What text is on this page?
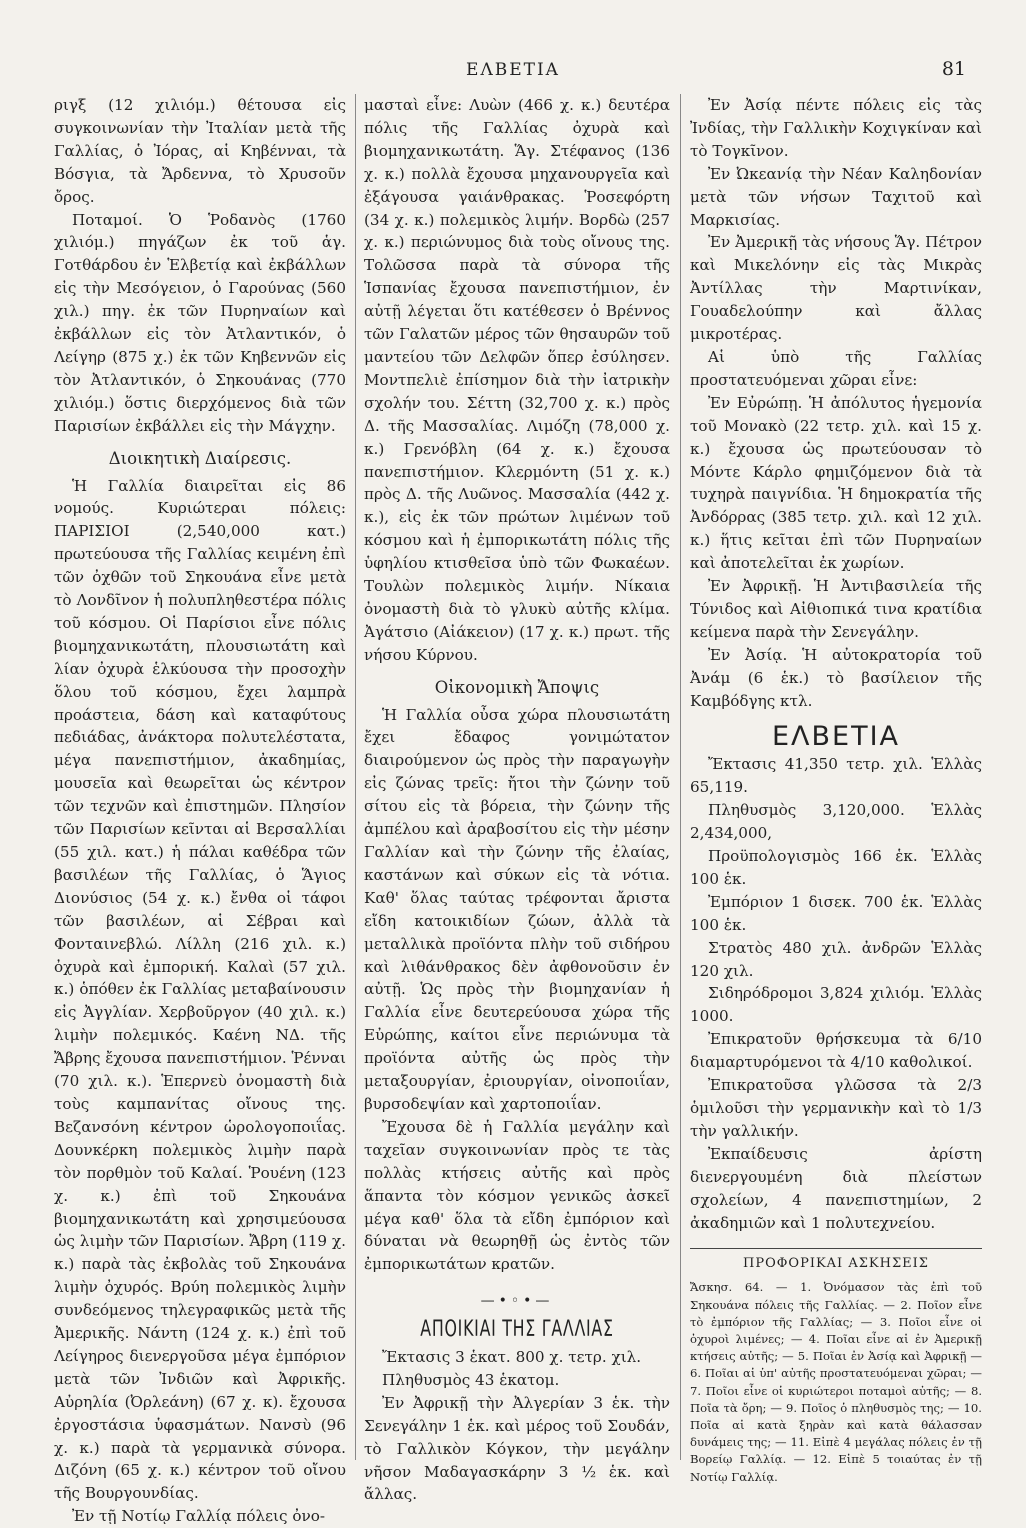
ΕΛΒΕΤΙΑ	81

ριγξ (12 χιλιόμ.) θέτουσα εἰς συγκοινωνίαν τὴν Ἰταλίαν μετὰ τῆς Γαλλίας, ὁ Ἰόρας, αἱ Κηβένναι, τὰ Βόσγια, τὰ Ἄρδεννα, τὸ Χρυσοῦν ὄρος.

Ποταμοί. Ὁ Ῥοδανὸς (1760 χιλιόμ.) πηγάζων ἐκ τοῦ ἁγ. Γοτθάρδου ἐν Ἑλβετίᾳ καὶ ἐκβάλλων εἰς τὴν Μεσόγειον, ὁ Γαρούνας (560 χιλ.) πηγ. ἐκ τῶν Πυρηναίων καὶ ἐκβάλλων εἰς τὸν Ἀτλαντικόν, ὁ Λείγηρ (875 χ.) ἐκ τῶν Κηβεννῶν εἰς τὸν Ἀτλαντικόν, ὁ Σηκουάνας (770 χιλιόμ.) ὅστις διερχόμενος διὰ τῶν Παρισίων ἐκβάλλει εἰς τὴν Μάγχην.

Διοικητικὴ Διαίρεσις.

Ἡ Γαλλία διαιρεῖται εἰς 86 νομούς. Κυριώτεραι πόλεις: ΠΑΡΙΣΙΟΙ (2,540,000 κατ.) πρωτεύουσα τῆς Γαλλίας κειμένη ἐπὶ τῶν ὀχθῶν τοῦ Σηκουάνα εἶνε μετὰ τὸ Λονδῖνον ἡ πολυπληθεστέρα πόλις τοῦ κόσμου. Οἱ Παρίσιοι εἶνε πόλις βιομηχανικωτάτη, πλουσιωτάτη καὶ λίαν ὀχυρὰ ἑλκύουσα τὴν προσοχὴν ὅλου τοῦ κόσμου, ἔχει λαμπρὰ προάστεια, δάση καὶ καταφύτους πεδιάδας, ἀνάκτορα πολυτελέστατα, μέγα πανεπιστήμιον, ἀκαδημίας, μουσεῖα καὶ θεωρεῖται ὡς κέντρον τῶν τεχνῶν καὶ ἐπιστημῶν. Πλησίον τῶν Παρισίων κεῖνται αἱ Βερσαλλίαι (55 χιλ. κατ.) ἡ πάλαι καθέδρα τῶν βασιλέων τῆς Γαλλίας, ὁ Ἅγιος Διονύσιος (54 χ. κ.) ἔνθα οἱ τάφοι τῶν βασιλέων, αἱ Σέβραι καὶ Φονταινεβλώ. Λίλλη (216 χιλ. κ.) ὀχυρὰ καὶ ἐμπορική. Καλαὶ (57 χιλ. κ.) ὁπόθεν ἐκ Γαλλίας μεταβαίνουσιν εἰς Ἀγγλίαν. Χερβοῦργον (40 χιλ. κ.) λιμὴν πολεμικός. Καένη ΝΔ. τῆς Ἄβρης ἔχουσα πανεπιστήμιον. Ῥένναι (70 χιλ. κ.). Ἑπερνεὺ ὀνομαστὴ διὰ τοὺς καμπανίτας οἴνους της. Βεζανσόνη κέντρον ὡρολογοποιΐας. Δουνκέρκη πολεμικὸς λιμὴν παρὰ τὸν πορθμὸν τοῦ Καλαί. Ῥουένη (123 χ. κ.) ἐπὶ τοῦ Σηκουάνα βιομηχανικωτάτη καὶ χρησιμεύουσα ὡς λιμὴν τῶν Παρισίων. Ἄβρη (119 χ. κ.) παρὰ τὰς ἐκβολὰς τοῦ Σηκουάνα λιμὴν ὀχυρός. Βρύη πολεμικὸς λιμὴν συνδεόμενος τηλεγραφικῶς μετὰ τῆς Ἀμερικῆς. Νάντη (124 χ. κ.) ἐπὶ τοῦ Λείγηρος διενεργοῦσα μέγα ἐμπόριον μετὰ τῶν Ἰνδιῶν καὶ Ἀφρικῆς. Αὐρηλία (Ὀρλεάνη) (67 χ. κ). ἔχουσα ἐργοστάσια ὑφασμάτων. Νανσὺ (96 χ. κ.) παρὰ τὰ γερμανικὰ σύνορα. Διζόνη (65 χ. κ.) κέντρον τοῦ οἴνου τῆς Βουργουνδίας.

Ἐν τῇ Νοτίῳ Γαλλίᾳ πόλεις ὀνο-

μασταὶ εἶνε: Λυὼν (466 χ. κ.) δευτέρα πόλις τῆς Γαλλίας ὀχυρὰ καὶ βιομηχανικωτάτη. Ἅγ. Στέφανος (136 χ. κ.) πολλὰ ἔχουσα μηχανουργεῖα καὶ ἐξάγουσα γαιάνθρακας. Ῥοσεφόρτη (34 χ. κ.) πολεμικὸς λιμήν. Βορδὼ (257 χ. κ.) περιώνυμος διὰ τοὺς οἴνους της. Τολῶσσα παρὰ τὰ σύνορα τῆς Ἱσπανίας ἔχουσα πανεπιστήμιον, ἐν αὐτῇ λέγεται ὅτι κατέθεσεν ὁ Βρέννος τῶν Γαλατῶν μέρος τῶν θησαυρῶν τοῦ μαντείου τῶν Δελφῶν ὅπερ ἐσύλησεν. Μοντπελιὲ ἐπίσημον διὰ τὴν ἰατρικὴν σχολήν του. Σέττη (32,700 χ. κ.) πρὸς Δ. τῆς Μασσαλίας. Λιμόζη (78,000 χ. κ.) Γρενόβλη (64 χ. κ.) ἔχουσα πανεπιστήμιον. Κλερμόντη (51 χ. κ.) πρὸς Δ. τῆς Λυῶνος. Μασσαλία (442 χ. κ.), εἰς ἐκ τῶν πρώτων λιμένων τοῦ κόσμου καὶ ἡ ἐμπορικωτάτη πόλις τῆς ὑφηλίου κτισθεῖσα ὑπὸ τῶν Φωκαέων. Τουλὼν πολεμικὸς λιμήν. Νίκαια ὀνομαστὴ διὰ τὸ γλυκὺ αὐτῆς κλίμα. Ἀγάτσιο (Αἰάκειον) (17 χ. κ.) πρωτ. τῆς νήσου Κύρνου.

Οἰκονομικὴ Ἄποψις

Ἡ Γαλλία οὖσα χώρα πλουσιωτάτη ἔχει ἔδαφος γονιμώτατον διαιρούμενον ὡς πρὸς τὴν παραγωγὴν εἰς ζώνας τρεῖς: ἤτοι τὴν ζώνην τοῦ σίτου εἰς τὰ βόρεια, τὴν ζώνην τῆς ἀμπέλου καὶ ἀραβοσίτου εἰς τὴν μέσην Γαλλίαν καὶ τὴν ζώνην τῆς ἐλαίας, καστάνων καὶ σύκων εἰς τὰ νότια. Καθ' ὅλας ταύτας τρέφονται ἄριστα εἴδη κατοικιδίων ζώων, ἀλλὰ τὰ μεταλλικὰ προϊόντα πλὴν τοῦ σιδήρου καὶ λιθάνθρακος δὲν ἀφθονοῦσιν ἐν αὐτῇ. Ὡς πρὸς τὴν βιομηχανίαν ἡ Γαλλία εἶνε δευτερεύουσα χώρα τῆς Εὐρώπης, καίτοι εἶνε περιώνυμα τὰ προϊόντα αὐτῆς ὡς πρὸς τὴν μεταξουργίαν, ἐριουργίαν, οἰνοποιΐαν, βυρσοδεψίαν καὶ χαρτοποιΐαν.

Ἔχουσα δὲ ἡ Γαλλία μεγάλην καὶ ταχεῖαν συγκοινωνίαν πρὸς τε τὰς πολλὰς κτήσεις αὐτῆς καὶ πρὸς ἅπαντα τὸν κόσμον γενικῶς ἀσκεῖ μέγα καθ' ὅλα τὰ εἴδη ἐμπόριον καὶ δύναται νὰ θεωρηθῇ ὡς ἐντὸς τῶν ἐμπορικωτάτων κρατῶν.

—•◦•—
ΑΠΟΙΚΙΑΙ ΤΗΣ ΓΑΛΛΙΑΣ

Ἔκτασις 3 ἑκατ. 800 χ. τετρ. χιλ.

Πληθυσμὸς 43 ἑκατομ.

Ἐν Ἀφρικῇ τὴν Ἀλγερίαν 3 ἑκ. τὴν Σενεγάλην 1 ἑκ. καὶ μέρος τοῦ Σουδάν, τὸ Γαλλικὸν Κόγκον, τὴν μεγάλην νῆσον Μαδαγασκάρην 3 ½ ἑκ. καὶ ἄλλας.

Ἐν Ἀσίᾳ πέντε πόλεις εἰς τὰς Ἰνδίας, τὴν Γαλλικὴν Κοχιγκίναν καὶ τὸ Τογκῖνον.

Ἐν Ὠκεανίᾳ τὴν Νέαν Καληδονίαν μετὰ τῶν νήσων Ταχιτοῦ καὶ Μαρκισίας.

Ἐν Ἀμερικῇ τὰς νήσους Ἅγ. Πέτρον καὶ Μικελόνην εἰς τὰς Μικρὰς Ἀντίλλας τὴν Μαρτινίκαν, Γουαδελούπην καὶ ἄλλας μικροτέρας.

Αἱ ὑπὸ τῆς Γαλλίας προστατευόμεναι χῶραι εἶνε:

Ἐν Εὐρώπῃ. Ἡ ἀπόλυτος ἡγεμονία τοῦ Μονακὸ (22 τετρ. χιλ. καὶ 15 χ. κ.) ἔχουσα ὡς πρωτεύουσαν τὸ Μόντε Κάρλο φημιζόμενον διὰ τὰ τυχηρὰ παιγνίδια. Ἡ δημοκρατία τῆς Ἀνδόρρας (385 τετρ. χιλ. καὶ 12 χιλ. κ.) ἥτις κεῖται ἐπὶ τῶν Πυρηναίων καὶ ἀποτελεῖται ἐκ χωρίων.

Ἐν Ἀφρικῇ. Ἡ Ἀντιβασιλεία τῆς Τύνιδος καὶ Αἰθιοπικά τινα κρατίδια κείμενα παρὰ τὴν Σενεγάλην.

Ἐν Ἀσίᾳ. Ἡ αὐτοκρατορία τοῦ Ἀνάμ (6 ἑκ.) τὸ βασίλειον τῆς Καμβόδγης κτλ.

ΕΛΒΕΤΙΑ

Ἔκτασις 41,350 τετρ. χιλ. Ἑλλὰς 65,119.

Πληθυσμὸς 3,120,000. Ἑλλὰς 2,434,000,

Προϋπολογισμὸς 166 ἑκ. Ἑλλὰς 100 ἑκ.

Ἐμπόριον 1 δισεκ. 700 ἑκ. Ἑλλὰς 100 ἑκ.

Στρατὸς 480 χιλ. ἀνδρῶν Ἑλλὰς 120 χιλ.

Σιδηρόδρομοι 3,824 χιλιόμ. Ἑλλὰς 1000.

Ἐπικρατοῦν θρήσκευμα τὰ 6/10 διαμαρτυρόμενοι τὰ 4/10 καθολικοί.

Ἐπικρατοῦσα γλῶσσα τὰ 2/3 ὁμιλοῦσι τὴν γερμανικὴν καὶ τὸ 1/3 τὴν γαλλικήν.

Ἐκπαίδευσις ἀρίστη διενεργουμένη διὰ πλείστων σχολείων, 4 πανεπιστημίων, 2 ἀκαδημιῶν καὶ 1 πολυτεχνείου.

ΠΡΟΦΟΡΙΚΑΙ ΑΣΚΗΣΕΙΣ

Ἄσκησ. 64. — 1. Ὀνόμασον τὰς ἐπὶ τοῦ Σηκουάνα πόλεις τῆς Γαλλίας. — 2. Ποῖον εἶνε τὸ ἐμπόριον τῆς Γαλλίας; — 3. Ποῖοι εἶνε οἱ ὀχυροὶ λιμένες; — 4. Ποῖαι εἶνε αἱ ἐν Ἀμερικῇ κτήσεις αὐτῆς; — 5. Ποῖαι ἐν Ἀσίᾳ καὶ Ἀφρικῇ — 6. Ποῖαι αἱ ὑπ' αὐτῆς προστατευόμεναι χῶραι; — 7. Ποῖοι εἶνε οἱ κυριώτεροι ποταμοὶ αὐτῆς; — 8. Ποῖα τὰ ὄρη; — 9. Ποῖος ὁ πληθυσμὸς της; — 10. Ποῖα αἱ κατὰ ξηρὰν καὶ κατὰ θάλασσαν δυνάμεις της; — 11. Εἰπὲ 4 μεγάλας πόλεις ἐν τῇ Βορείῳ Γαλλίᾳ. — 12. Εἰπὲ 5 τοιαύτας ἐν τῇ Νοτίῳ Γαλλίᾳ.
